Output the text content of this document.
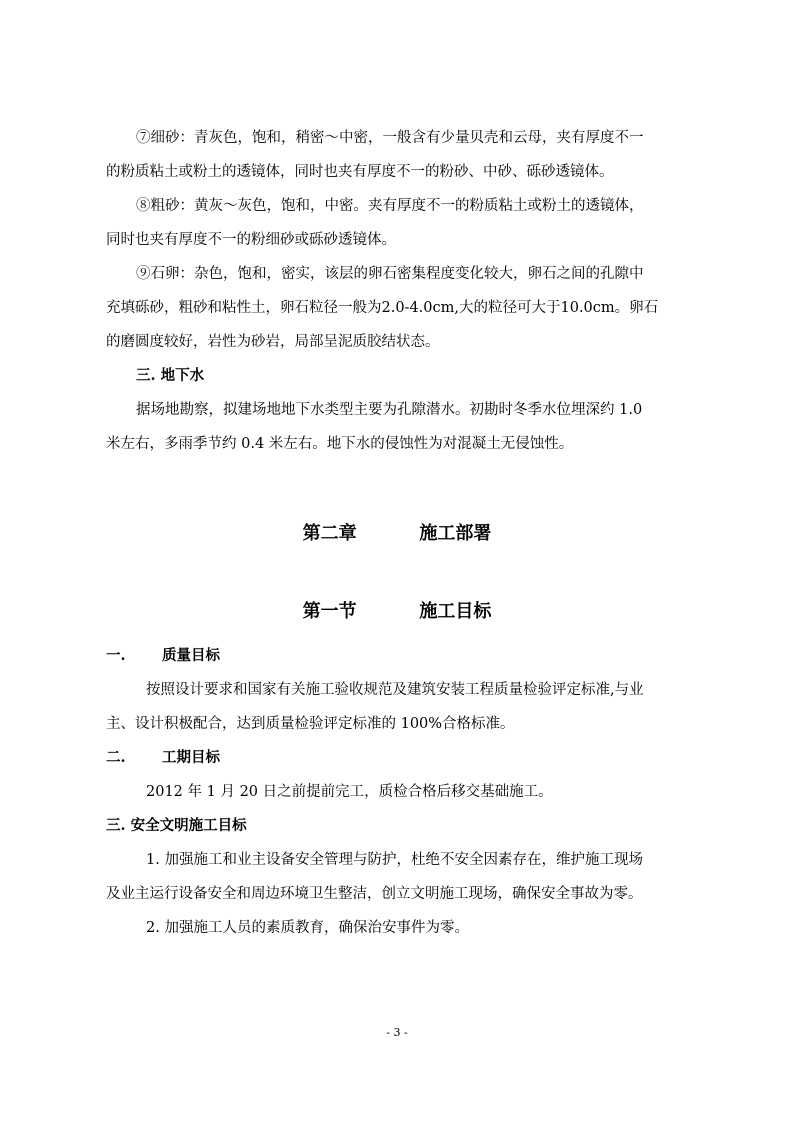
⑦细砂：青灰色，饱和，稍密～中密，一般含有少量贝壳和云母，夹有厚度不一
的粉质粘土或粉土的透镜体，同时也夹有厚度不一的粉砂、中砂、砾砂透镜体。
⑧粗砂：黄灰～灰色，饱和，中密。夹有厚度不一的粉质粘土或粉土的透镜体，
同时也夹有厚度不一的粉细砂或砾砂透镜体。
⑨石卵：杂色，饱和，密实，该层的卵石密集程度变化较大，卵石之间的孔隙中
充填砾砂，粗砂和粘性土，卵石粒径一般为2.0-4.0cm,大的粒径可大于10.0cm。卵石
的磨圆度较好，岩性为砂岩，局部呈泥质胶结状态。
三. 地下水
据场地勘察，拟建场地地下水类型主要为孔隙潜水。初勘时冬季水位埋深约 1.0
米左右，多雨季节约 0.4 米左右。地下水的侵蚀性为对混凝土无侵蚀性。
第二章          施工部署
第一节          施工目标
一.	质量目标
按照设计要求和国家有关施工验收规范及建筑安装工程质量检验评定标准,与业
主、设计积极配合，达到质量检验评定标准的 100%合格标准。
二.	工期目标
2012 年 1 月 20 日之前提前完工，质检合格后移交基础施工。
三. 安全文明施工目标
1. 加强施工和业主设备安全管理与防护，杜绝不安全因素存在，维护施工现场
及业主运行设备安全和周边环境卫生整洁，创立文明施工现场，确保安全事故为零。
2. 加强施工人员的素质教育，确保治安事件为零。
- 3 -
